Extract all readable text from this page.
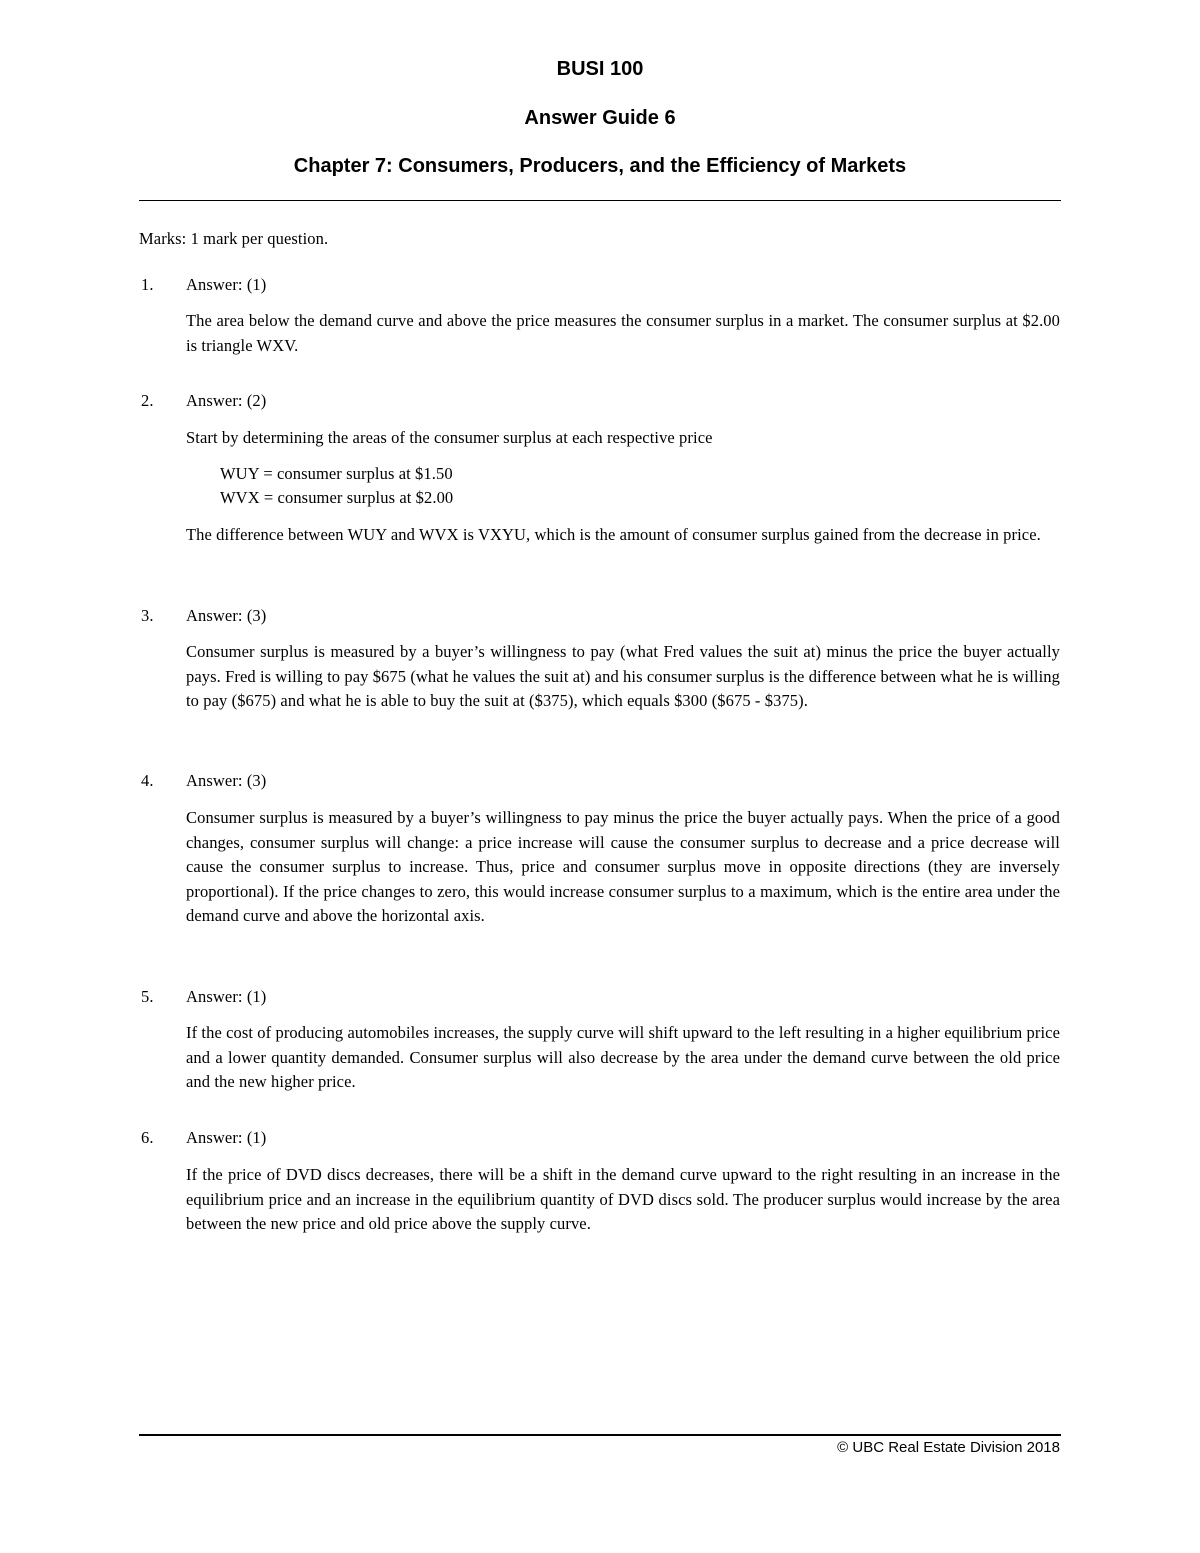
BUSI 100
Answer Guide 6
Chapter 7: Consumers, Producers, and the Efficiency of Markets
Marks: 1 mark per question.
1. Answer: (1)
The area below the demand curve and above the price measures the consumer surplus in a market. The consumer surplus at $2.00 is triangle WXV.
2. Answer: (2)
Start by determining the areas of the consumer surplus at each respective price
WUY = consumer surplus at $1.50
WVX = consumer surplus at $2.00
The difference between WUY and WVX is VXYU, which is the amount of consumer surplus gained from the decrease in price.
3. Answer: (3)
Consumer surplus is measured by a buyer’s willingness to pay (what Fred values the suit at) minus the price the buyer actually pays. Fred is willing to pay $675 (what he values the suit at) and his consumer surplus is the difference between what he is willing to pay ($675) and what he is able to buy the suit at ($375), which equals $300 ($675 - $375).
4. Answer: (3)
Consumer surplus is measured by a buyer’s willingness to pay minus the price the buyer actually pays. When the price of a good changes, consumer surplus will change: a price increase will cause the consumer surplus to decrease and a price decrease will cause the consumer surplus to increase. Thus, price and consumer surplus move in opposite directions (they are inversely proportional). If the price changes to zero, this would increase consumer surplus to a maximum, which is the entire area under the demand curve and above the horizontal axis.
5. Answer: (1)
If the cost of producing automobiles increases, the supply curve will shift upward to the left resulting in a higher equilibrium price and a lower quantity demanded. Consumer surplus will also decrease by the area under the demand curve between the old price and the new higher price.
6. Answer: (1)
If the price of DVD discs decreases, there will be a shift in the demand curve upward to the right resulting in an increase in the equilibrium price and an increase in the equilibrium quantity of DVD discs sold. The producer surplus would increase by the area between the new price and old price above the supply curve.
© UBC Real Estate Division 2018
